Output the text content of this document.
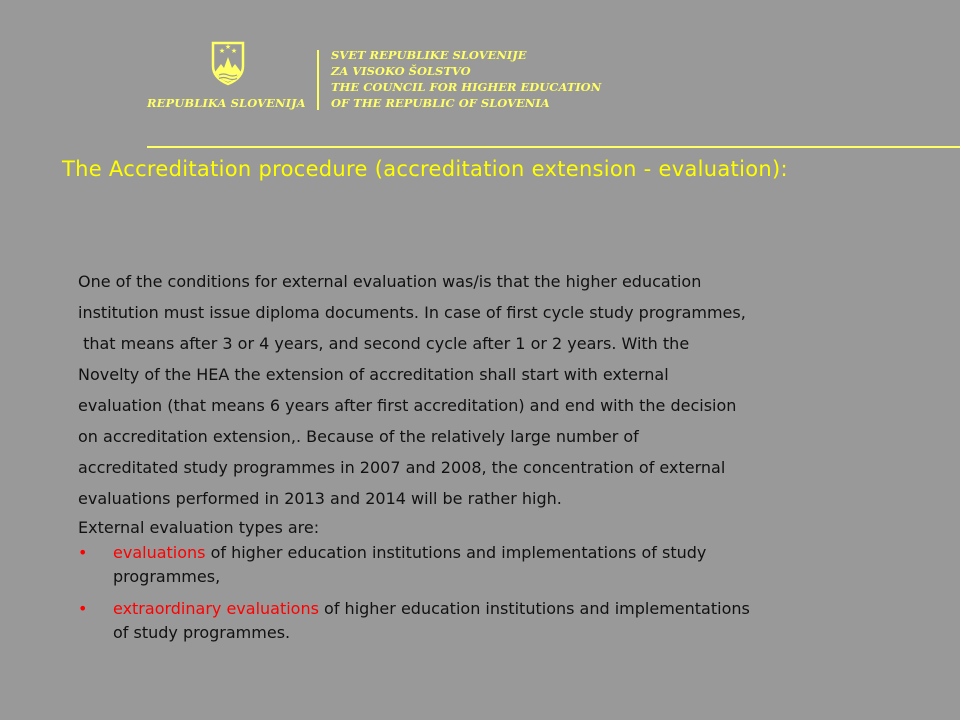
★ ★
★
REPUBLIKA SLOVENIJA
SVET REPUBLIKE SLOVENIJE
ZA VISOKO ŠOLSTVO
THE COUNCIL FOR HIGHER EDUCATION
OF THE REPUBLIC OF SLOVENIA
The Accreditation procedure (accreditation extension - evaluation):
One of the conditions for external evaluation was/is that the higher education
institution must issue diploma documents. In case of first cycle study programmes,
that means after 3 or 4 years, and second cycle after 1 or 2 years. With the
Novelty of the HEA the extension of accreditation shall start with external
evaluation (that means 6 years after first accreditation) and end with the decision
on accreditation extension,. Because of the relatively large number of
accreditated study programmes in 2007 and 2008, the concentration of external
evaluations performed in 2013 and 2014 will be rather high.
External evaluation types are:
• evaluations of higher education institutions and implementations of study
programmes,
• extraordinary evaluations of higher education institutions and implementations
of study programmes.
